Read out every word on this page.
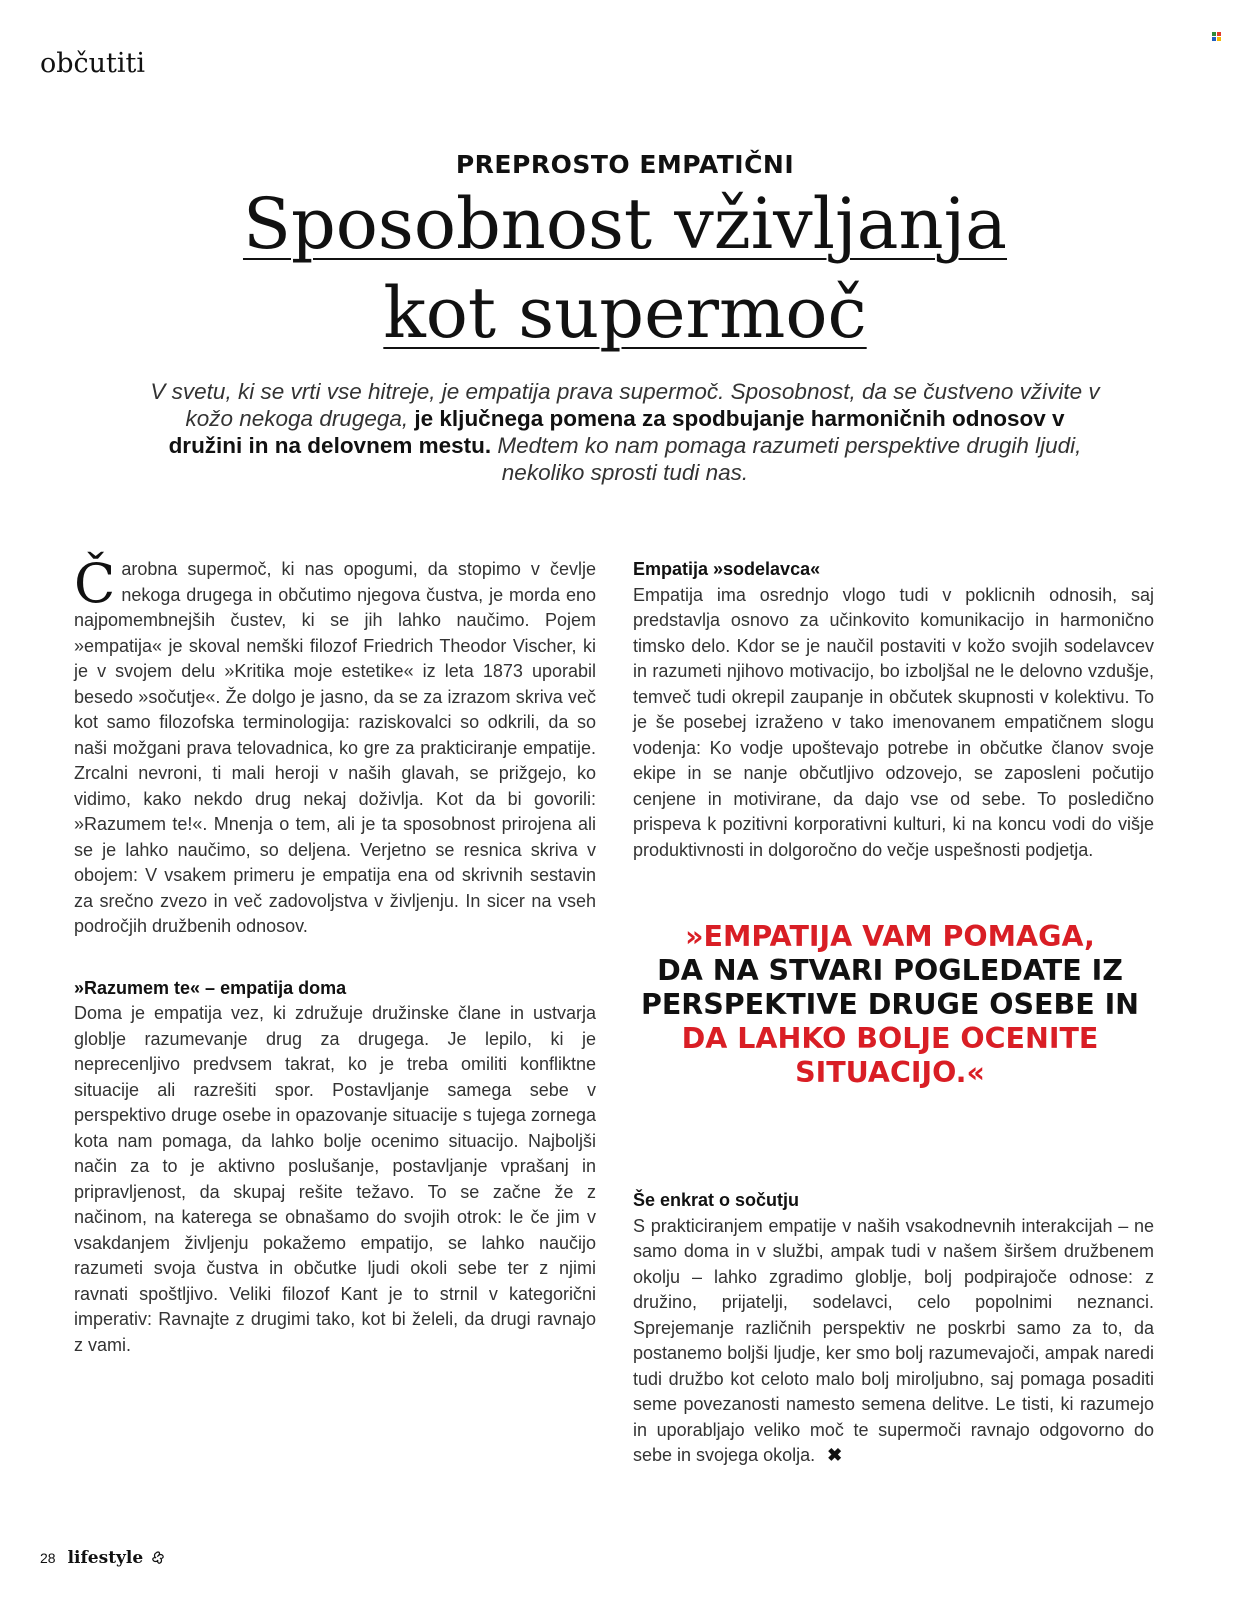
občutiti
PREPROSTO EMPATIČNI
Sposobnost vživljanja
kot supermoč
V svetu, ki se vrti vse hitreje, je empatija prava supermoč. Sposobnost, da se čustveno vživite v kožo nekoga drugega, je ključnega pomena za spodbujanje harmoničnih odnosov v družini in na delovnem mestu. Medtem ko nam pomaga razumeti perspektive drugih ljudi, nekoliko sprosti tudi nas.

Čarobna supermoč, ki nas opogumi, da stopimo v čevlje nekoga drugega in občutimo njegova čustva, je morda eno najpomembnejših čustev, ki se jih lahko naučimo. Pojem »empatija« je skoval nemški filozof Friedrich Theodor Vischer, ki je v svojem delu »Kritika moje estetike« iz leta 1873 uporabil besedo »sočutje«. Že dolgo je jasno, da se za izrazom skriva več kot samo filozofska terminologija: raziskovalci so odkrili, da so naši možgani prava telovadnica, ko gre za prakticiranje empatije. Zrcalni nevroni, ti mali heroji v naših glavah, se prižgejo, ko vidimo, kako nekdo drug nekaj doživlja. Kot da bi govorili: »Razumem te!«. Mnenja o tem, ali je ta sposobnost prirojena ali se je lahko naučimo, so deljena. Verjetno se resnica skriva v obojem: V vsakem primeru je empatija ena od skrivnih sestavin za srečno zvezo in več zadovoljstva v življenju. In sicer na vseh področjih družbenih odnosov.

»Razumem te« – empatija doma

Doma je empatija vez, ki združuje družinske člane in ustvarja globlje razumevanje drug za drugega. Je lepilo, ki je neprecenljivo predvsem takrat, ko je treba omiliti konfliktne situacije ali razrešiti spor. Postavljanje samega sebe v perspektivo druge osebe in opazovanje situacije s tujega zornega kota nam pomaga, da lahko bolje ocenimo situacijo. Najboljši način za to je aktivno poslušanje, postavljanje vprašanj in pripravljenost, da skupaj rešite težavo. To se začne že z načinom, na katerega se obnašamo do svojih otrok: le če jim v vsakdanjem življenju pokažemo empatijo, se lahko naučijo razumeti svoja čustva in občutke ljudi okoli sebe ter z njimi ravnati spoštljivo. Veliki filozof Kant je to strnil v kategorični imperativ: Ravnajte z drugimi tako, kot bi želeli, da drugi ravnajo z vami.

Empatija »sodelavca«

Empatija ima osrednjo vlogo tudi v poklicnih odnosih, saj predstavlja osnovo za učinkovito komunikacijo in harmonično timsko delo. Kdor se je naučil postaviti v kožo svojih sodelavcev in razumeti njihovo motivacijo, bo izboljšal ne le delovno vzdušje, temveč tudi okrepil zaupanje in občutek skupnosti v kolektivu. To je še posebej izraženo v tako imenovanem empatičnem slogu vodenja: Ko vodje upoštevajo potrebe in občutke članov svoje ekipe in se nanje občutljivo odzovejo, se zaposleni počutijo cenjene in motivirane, da dajo vse od sebe. To posledično prispeva k pozitivni korporativni kulturi, ki na koncu vodi do višje produktivnosti in dolgoročno do večje uspešnosti podjetja.

»EMPATIJA VAM POMAGA,
DA NA STVARI POGLEDATE IZ PERSPEKTIVE DRUGE OSEBE IN DA LAHKO BOLJE OCENITE SITUACIJO.«
Še enkrat o sočutju

S prakticiranjem empatije v naših vsakodnevnih interakcijah – ne samo doma in v službi, ampak tudi v našem širšem družbenem okolju – lahko zgradimo globlje, bolj podpirajoče odnose: z družino, prijatelji, sodelavci, celo popolnimi neznanci. Sprejemanje različnih perspektiv ne poskrbi samo za to, da postanemo boljši ljudje, ker smo bolj razumevajoči, ampak naredi tudi družbo kot celoto malo bolj miroljubno, saj pomaga posaditi seme povezanosti namesto semena delitve. Le tisti, ki razumejo in uporabljajo veliko moč te supermoči ravnajo odgovorno do sebe in svojega okolja. ✖

28 lifestyle
